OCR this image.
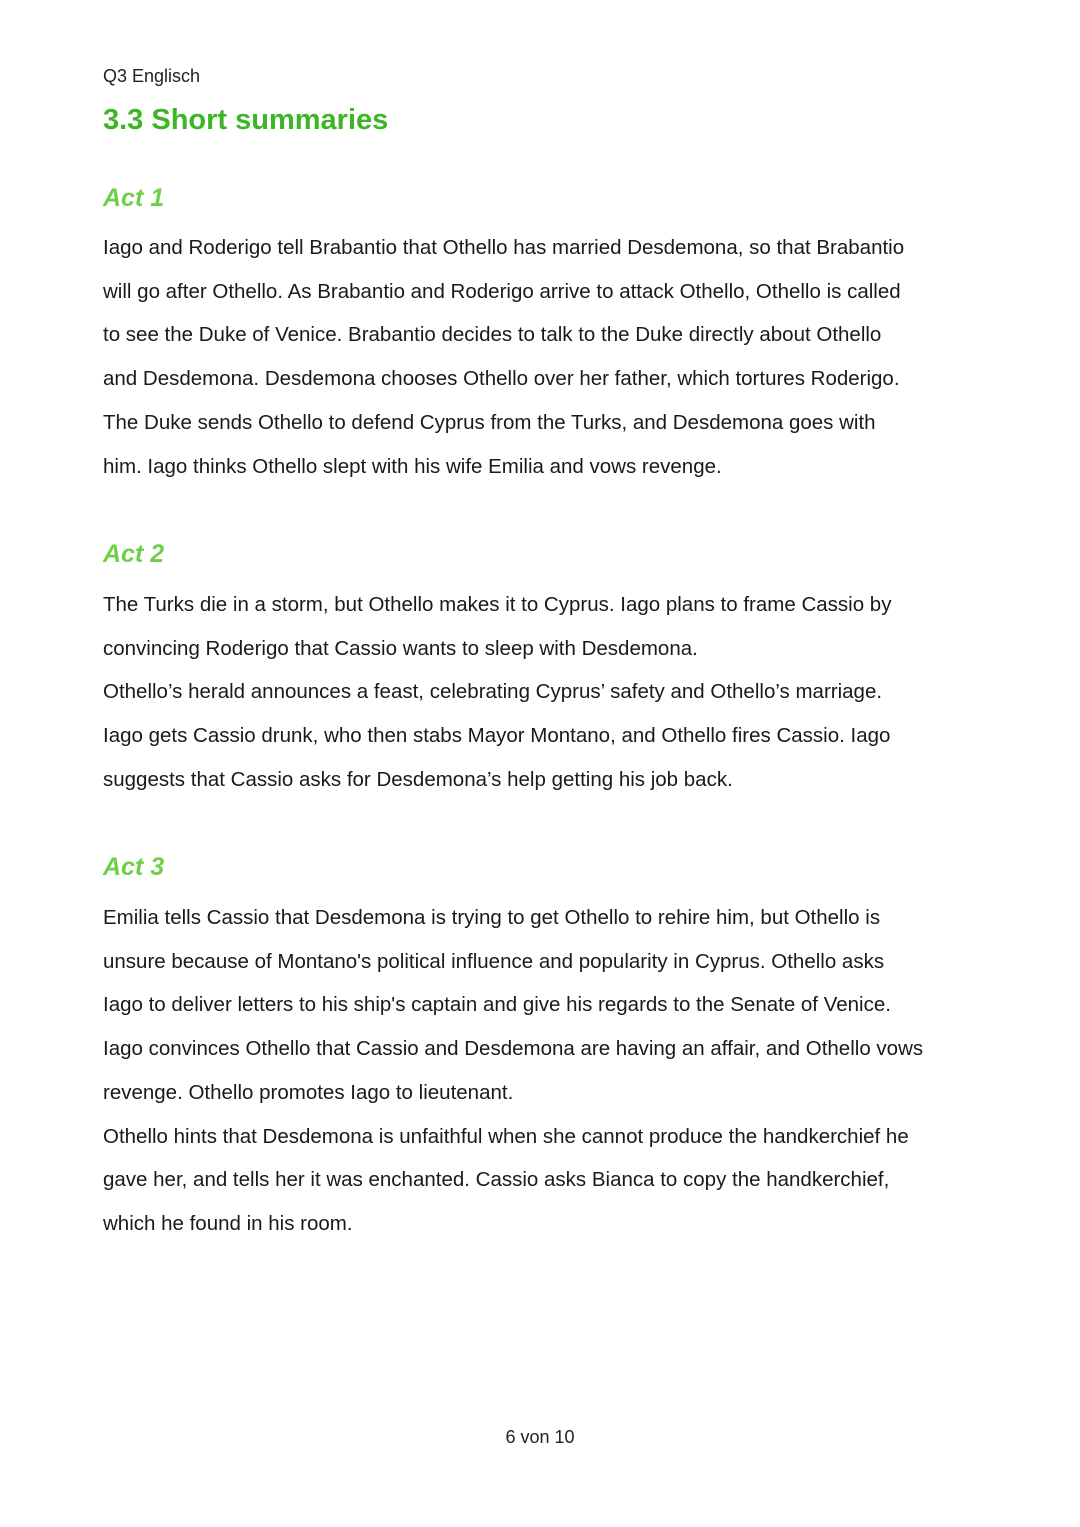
Q3 Englisch
3.3 Short summaries
Act 1
Iago and Roderigo tell Brabantio that Othello has married Desdemona, so that Brabantio
will go after Othello. As Brabantio and Roderigo arrive to attack Othello, Othello is called
to see the Duke of Venice. Brabantio decides to talk to the Duke directly about Othello
and Desdemona. Desdemona chooses Othello over her father, which tortures Roderigo.
The Duke sends Othello to defend Cyprus from the Turks, and Desdemona goes with
him. Iago thinks Othello slept with his wife Emilia and vows revenge.
Act 2
The Turks die in a storm, but Othello makes it to Cyprus. Iago plans to frame Cassio by
convincing Roderigo that Cassio wants to sleep with Desdemona.
Othello’s herald announces a feast, celebrating Cyprus’ safety and Othello’s marriage.
Iago gets Cassio drunk, who then stabs Mayor Montano, and Othello fires Cassio. Iago
suggests that Cassio asks for Desdemona’s help getting his job back.
Act 3
Emilia tells Cassio that Desdemona is trying to get Othello to rehire him, but Othello is
unsure because of Montano's political influence and popularity in Cyprus. Othello asks
Iago to deliver letters to his ship's captain and give his regards to the Senate of Venice.
Iago convinces Othello that Cassio and Desdemona are having an affair, and Othello vows
revenge. Othello promotes Iago to lieutenant.
Othello hints that Desdemona is unfaithful when she cannot produce the handkerchief he
gave her, and tells her it was enchanted. Cassio asks Bianca to copy the handkerchief,
which he found in his room.
6 von 10
